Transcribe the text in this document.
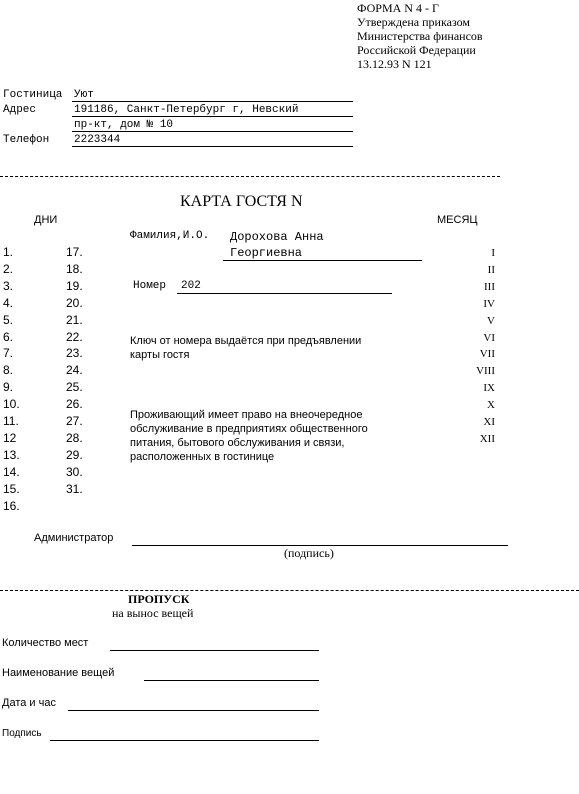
ФОРМА N 4 - Г
Утверждена приказом
Министерства финансов
Российской Федерации
13.12.93 N 121
Гостиница Уют
Адрес	191186, Санкт-Петербург г, Невский
пр-кт, дом № 10
Телефон 2223344
КАРТА ГОСТЯ N
ДНИ	МЕСЯЦ
1.
2.
3.
4.
5.
6.
7.
8.
9.
10.
11.
12
13.
14.
15.
16.
17.
18.
19.
20.
21.
22.
23.
24.
25.
26.
27.
28.
29.
30.
31.
I
II
III
IV
V
VI
VII
VIII
IX
X
XI
XII
Фамилия,И.О. Дорохова Анна
Георгиевна
Номер 202
Ключ от номера выдаётся при предъявлении
карты гостя
Проживающий имеет право на внеочередное
обслуживание в предприятиях общественного
питания, бытового обслуживания и связи,
расположенных в гостинице
Администратор
(подпись)
ПРОПУСК
на вынос вещей
Количество мест
Наименование вещей
Дата и час
Подпись
